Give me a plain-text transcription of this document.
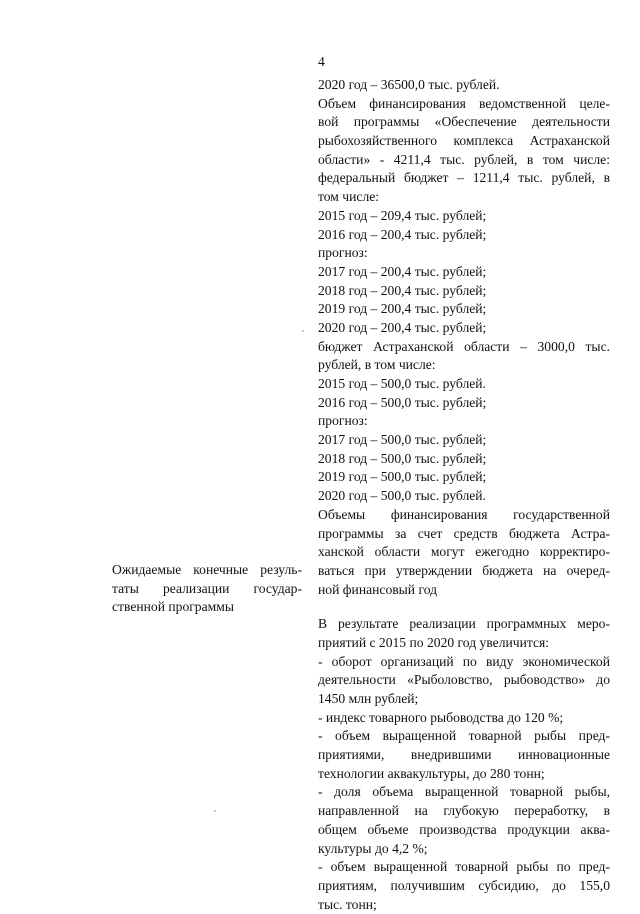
4
2020 год – 36500,0 тыс. рублей.
Объем финансирования ведомственной целе-
вой программы «Обеспечение деятельности
рыбохозяйственного комплекса Астраханской
области» - 4211,4 тыс. рублей, в том числе:
федеральный бюджет – 1211,4 тыс. рублей, в
том числе:
2015 год – 209,4 тыс. рублей;
2016 год – 200,4 тыс. рублей;
прогноз:
2017 год – 200,4 тыс. рублей;
2018 год – 200,4 тыс. рублей;
2019 год – 200,4 тыс. рублей;
2020 год – 200,4 тыс. рублей;
бюджет Астраханской области – 3000,0 тыс.
рублей, в том числе:
2015 год – 500,0 тыс. рублей.
2016 год – 500,0 тыс. рублей;
прогноз:
2017 год – 500,0 тыс. рублей;
2018 год – 500,0 тыс. рублей;
2019 год – 500,0 тыс. рублей;
2020 год – 500,0 тыс. рублей.
Объемы финансирования государственной
программы за счет средств бюджета Астра-
ханской области могут ежегодно корректиро-
ваться при утверждении бюджета на очеред-
ной финансовый год
В результате реализации программных меро-
приятий с 2015 по 2020 год увеличится:
- оборот организаций по виду экономической
деятельности «Рыболовство, рыбоводство» до
1450 млн рублей;
- индекс товарного рыбоводства до 120 %;
- объем выращенной товарной рыбы пред-
приятиями, внедрившими инновационные
технологии аквакультуры, до 280 тонн;
- доля объема выращенной товарной рыбы,
направленной на глубокую переработку, в
общем объеме производства продукции аква-
культуры до 4,2 %;
- объем выращенной товарной рыбы по пред-
приятиям, получившим субсидию, до 155,0
тыс. тонн;
Ожидаемые конечные резуль-
таты реализации государ-
ственной программы
